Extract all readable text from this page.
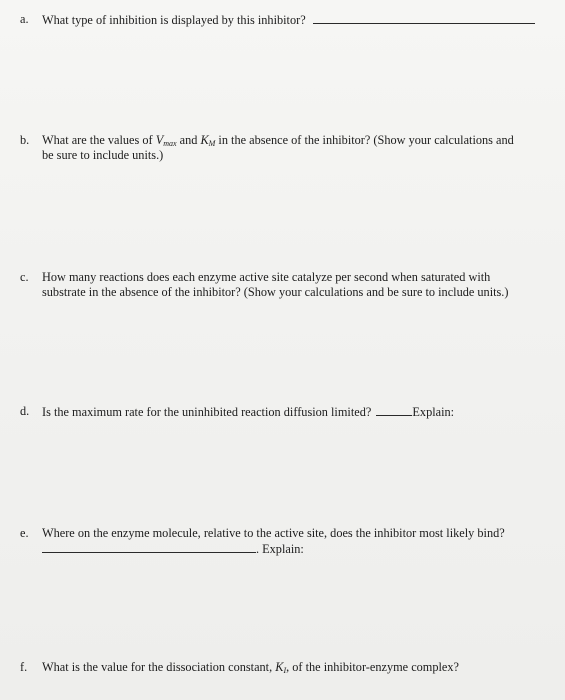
a. What type of inhibition is displayed by this inhibitor?
b. What are the values of $V_{max}$ and $K_M$ in the absence of the inhibitor? (Show your calculations and
be sure to include units.)
c. How many reactions does each enzyme active site catalyze per second when saturated with
substrate in the absence of the inhibitor? (Show your calculations and be sure to include units.)
d. Is the maximum rate for the uninhibited reaction diffusion limited?	Explain:
e. Where on the enzyme molecule, relative to the active site, does the inhibitor most likely bind?
. Explain:
f. What is the value for the dissociation constant, $K_I$, of the inhibitor-enzyme complex?
